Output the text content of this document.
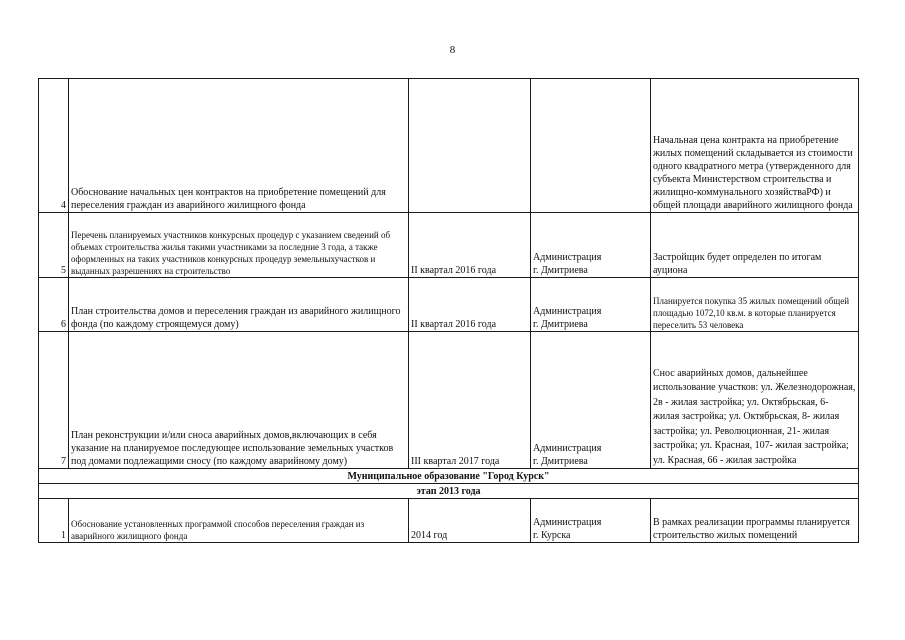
8
4	Обоснование начальных цен контрактов на приобретение помещений для переселения граждан из аварийного жилищного фонда			Начальная цена контракта на приобретение жилых помещений складывается из стоимости одного квадратного метра (утвержденного для субъекта Министерством строительства и жилищно-коммунального хозяйстваРФ) и общей площади аварийного жилищного фонда
5	Перечень планируемых участников конкурсных процедур с указанием сведений об объемах строительства жилья такими участниками за последние 3 года, а также оформленных на таких участников конкурсных процедур земельныхучастков и выданных разрешениях на строительство	II квартал 2016 года	Администрация
г. Дмитриева	Застройщик будет определен по итогам ауциона
6	План строительства домов и переселения граждан из аварийного жилищного фонда (по каждому строящемуся дому)	II квартал 2016 года	Администрация
г. Дмитриева	Планируется покупка 35 жилых помещений общей площадью 1072,10 кв.м. в которые планируется переселить 53 человека
7	План реконструкции и/или сноса аварийных домов,включающих в себя указание на планируемое последующее использование земельных участков под домами подлежащими сносу (по каждому аварийному дому)	III квартал 2017 года	Администрация
г. Дмитриева	Снос аварийных домов, дальнейшее использование участков: ул. Железнодорожная, 2в - жилая застройка; ул. Октябрьская, 6- жилая застройка; ул. Октябрьская, 8- жилая застройка; ул. Революционная, 21- жилая застройка; ул. Красная, 107- жилая застройка; ул. Красная, 66 - жилая застройка
Муниципальное образование "Город Курск"				
этап 2013 года				
1	Обоснование установленных программой способов переселения граждан из аварийного жилищного фонда	2014 год	Администрация
г. Курска	В рамках реализации программы планируется строительство жилых помещений
